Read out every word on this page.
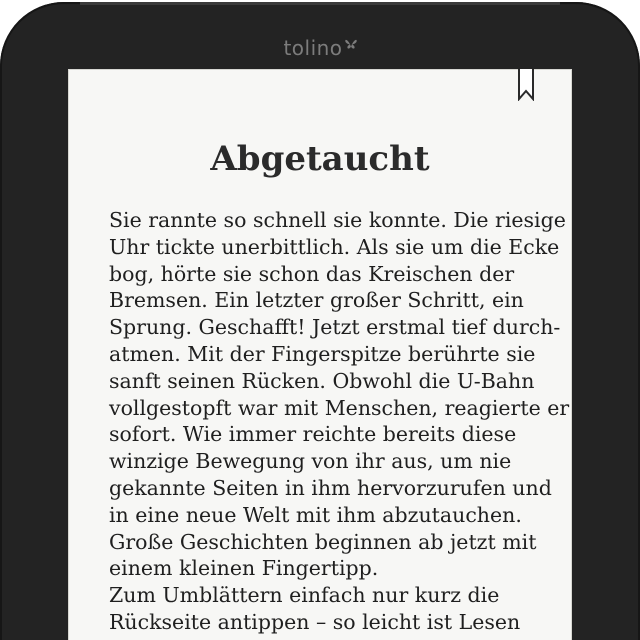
tolino
Abgetaucht
Sie rannte so schnell sie konnte. Die riesige
Uhr tickte unerbittlich. Als sie um die Ecke
bog, hörte sie schon das Kreischen der
Bremsen. Ein letzter großer Schritt, ein
Sprung. Geschafft! Jetzt erstmal tief durch-
atmen. Mit der Fingerspitze berührte sie
sanft seinen Rücken. Obwohl die U-Bahn
vollgestopft war mit Menschen, reagierte er
sofort. Wie immer reichte bereits diese
winzige Bewegung von ihr aus, um nie
gekannte Seiten in ihm hervorzurufen und
in eine neue Welt mit ihm abzutauchen.
Große Geschichten beginnen ab jetzt mit
einem kleinen Fingertipp.
Zum Umblättern einfach nur kurz die
Rückseite antippen – so leicht ist Lesen
